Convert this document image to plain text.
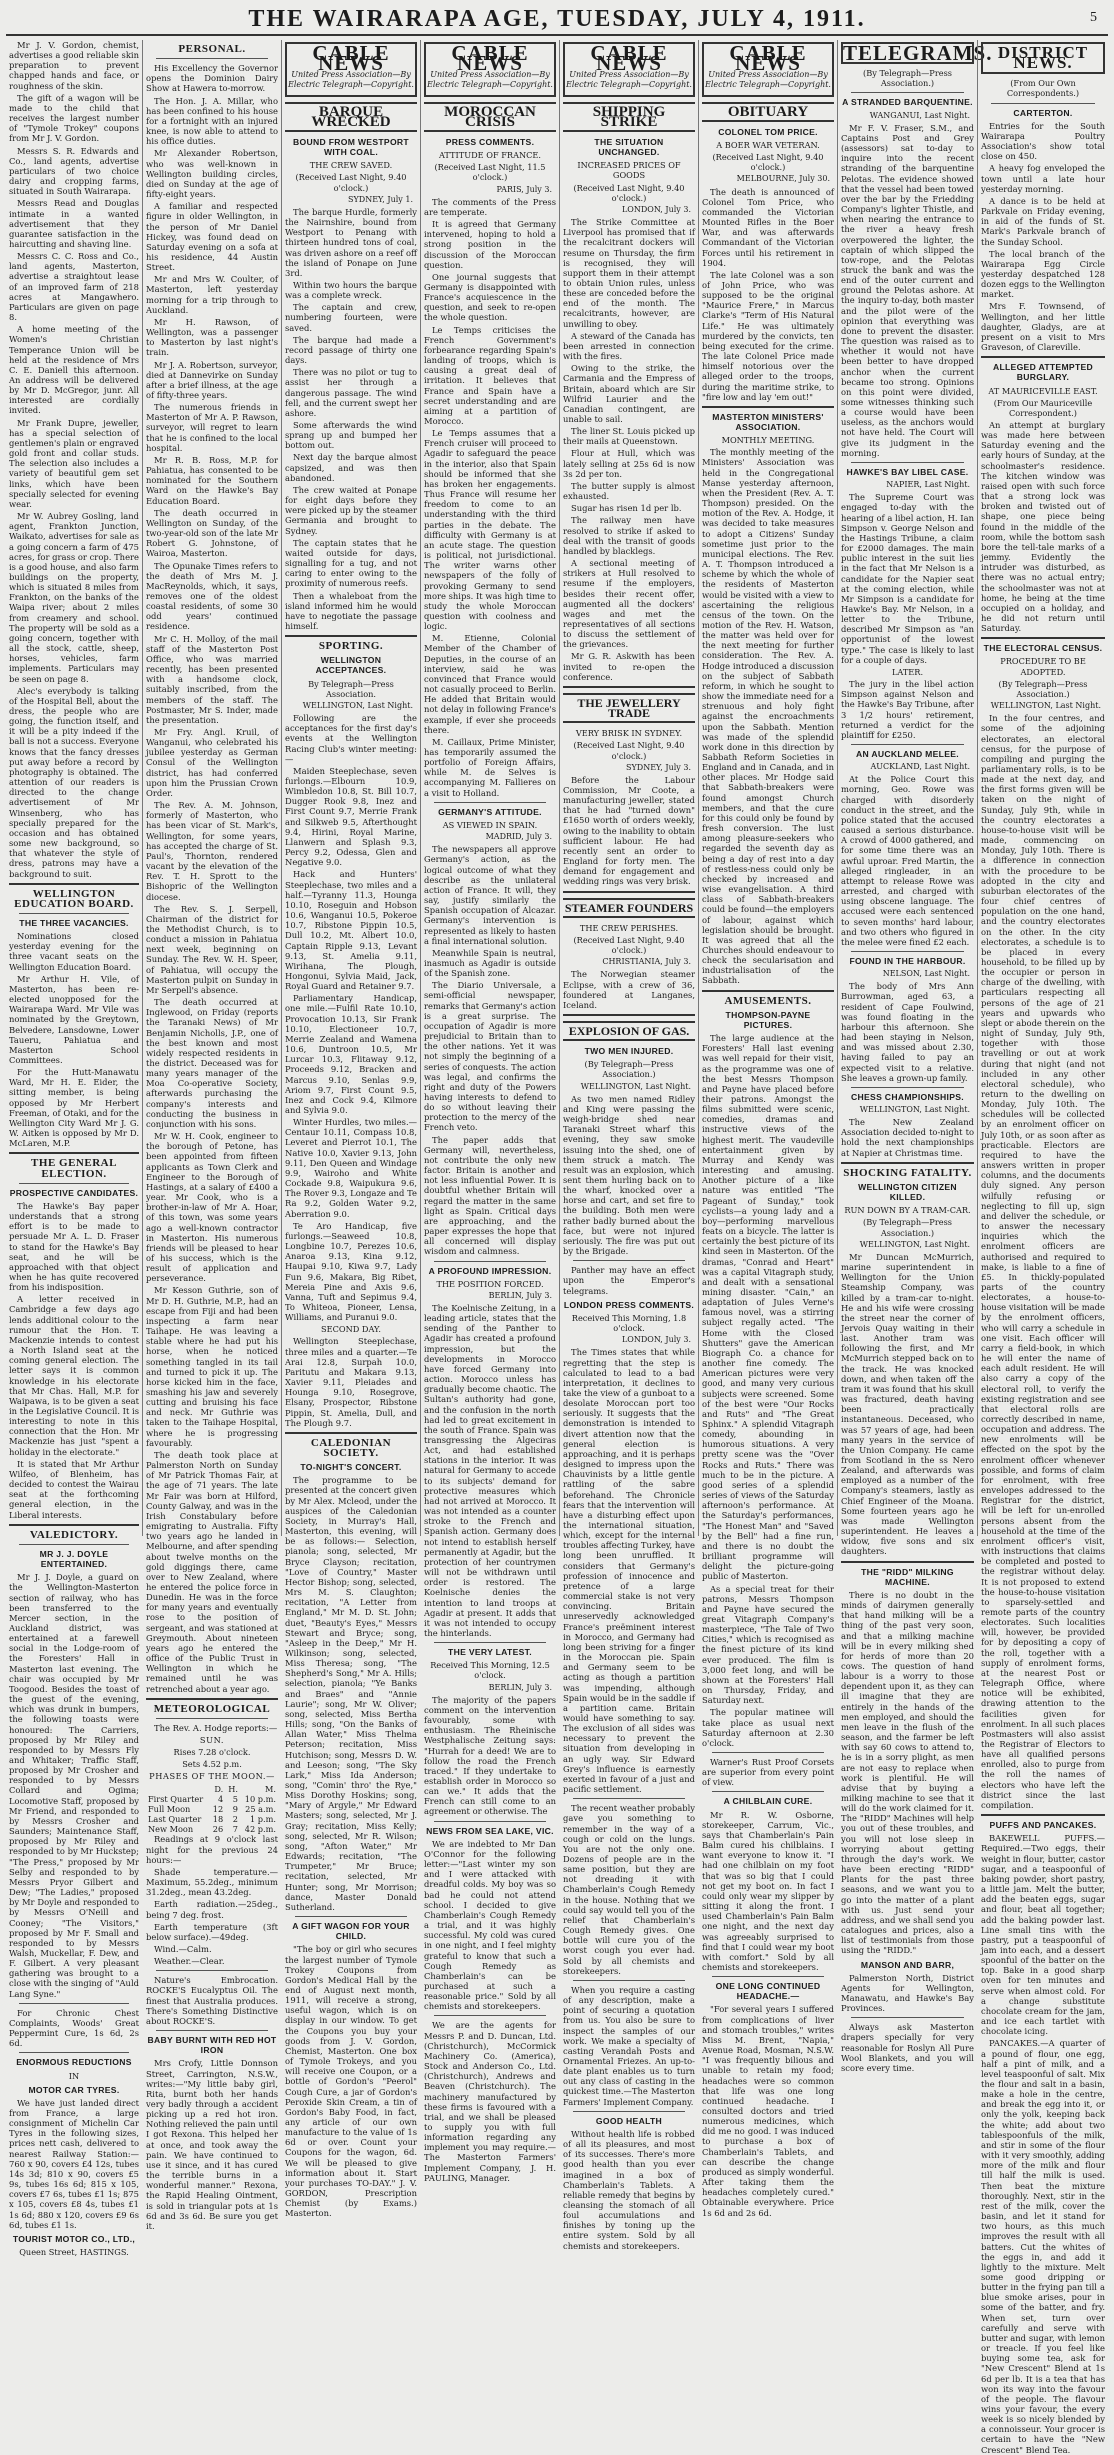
THE WAIRARAPA AGE, TUESDAY, JULY 4, 1911.	5

Mr J. V. Gordon, chemist, advertises a good reliable skin preparation to prevent chapped hands and face, or roughness of the skin.

The gift of a wagon will be made to the child that receives the largest number of "Tymole Trokey" coupons from Mr J. V. Gordon.

Messrs S. R. Edwards and Co., land agents, advertise particulars of two choice dairy and cropping farms, situated in South Wairarapa.

Messrs Read and Douglas intimate in a wanted advertisement that they guarantee satisfaction in the haircutting and shaving line.

Messrs C. C. Ross and Co., land agents, Masterton, advertise a straightout lease of an improved farm of 218 acres at Mangawhero. Particulars are given on page 8.

A home meeting of the Women's Christian Temperance Union will be held at the residence of Mrs C. E. Daniell this afternoon. An address will be delivered by Mr D. McGregor, junr. All interested are cordially invited.

Mr Frank Dupre, jeweller, has a special selection of gentlemen's plain or engraved gold front and collar studs. The selection also includes a variety of beautiful gem set links, which have been specially selected for evening wear.

Mr W. Aubrey Gosling, land agent, Frankton Junction, Waikato, advertises for sale as a going concern a farm of 475 acres, for grass or crop. There is a good house, and also farm buildings on the property, which is situated 8 miles from Frankton, on the banks of the Waipa river; about 2 miles from creamery and school. The property will be sold as a going concern, together with all the stock, cattle, sheep, horses, vehicles, farm implements. Particulars may be seen on page 8.

Alec's everybody is talking of the Hospital Bell, about the dress, the people who are going, the function itself, and it will be a pity indeed if the ball is not a success. Everyone knows that the fancy dresses put away before a record by photography is obtained. The attention of our readers is directed to the change advertisement of Mr Winsenberg, who has specially prepared for the occasion and has obtained some new background, so that whatever the style of dress, patrons may have a background to suit.

WELLINGTON EDUCATION BOARD.
THE THREE VACANCIES.

Nominations closed yesterday evening for the three vacant seats on the Wellington Education Board.

Mr Arthur H. Vile, of Masterton, has been re-elected unopposed for the Wairarapa Ward. Mr Vile was nominated by the Greytown, Belvedere, Lansdowne, Lower Taueru, Pahiatua and Masterton School Committees.

For the Hutt-Manawatu Ward, Mr H. E. Eider, the sitting member, is being opposed by Mr Herbert Freeman, of Otaki, and for the Wellington City Ward Mr J. G. W. Aitken is opposed by Mr D. McLaren, M.P.

THE GENERAL ELECTION.
PROSPECTIVE CANDIDATES.

The Hawke's Bay paper understands that a strong effort is to be made to persuade Mr A. L. D. Fraser to stand for the Hawke's Bay seat, and he will be approached with that object when he has quite recovered from his indisposition.

A letter received in Cambridge a few days ago lends additional colour to the rumour that the Hon. T. Mackenzie intends to contest a North Island seat at the coming general election. The letter says it is common knowledge in his electorate that Mr Chas. Hall, M.P. for Waipawa, is to be given a seat in the Legislative Council. It is interesting to note in this connection that the Hon. Mr Mackenzie has just "spent a holiday in the electorate."

It is stated that Mr Arthur Wilfeo, of Blenheim, has decided to contest the Wairau seat at the forthcoming general election, in the Liberal interests.

VALEDICTORY.
MR J. J. DOYLE ENTERTAINED.

Mr J. J. Doyle, a guard on the Wellington-Masterton section of railway, who has been transferred to the Mercer section, in the Auckland district, was entertained at a farewell social in the Lodge-room of the Foresters' Hall in Masterton last evening. The chair was occupied by Mr Toogood. Besides the toast of the guest of the evening, which was drunk in bumpers, the following toasts were honoured: The Carriers, proposed by Mr Riley and responded to by Messrs Fly and Whitaker; Traffic Staff, proposed by Mr Crosher and responded to by Messrs Collard and Ogima; Locomotive Staff, proposed by Mr Friend, and responded to by Messrs Crosher and Saunders; Maintenance Staff, proposed by Mr Riley and responded to by Mr Huckstep; "The Press," proposed by Mr Selby and responded to by Messrs Pryor Gilbert and Dew; "The Ladies," proposed by Mr Doyle and responded to by Messrs O'Neill and Cooney; "The Visitors," proposed by Mr F. Small and responded to by Messrs Walsh, Muckellar, F. Dew, and F. Gilbert. A very pleasant gathering was brought to a close with the singing of "Auld Lang Syne."

For Chronic Chest Complaints, Woods' Great Peppermint Cure, 1s 6d, 2s 6d.

ENORMOUS REDUCTIONS
IN
MOTOR CAR TYRES.

We have just landed direct from France, a large consignment of Michelin Car Tyres in the following sizes, prices nett cash, delivered to nearest Railway Station:— 760 x 90, covers £4 12s, tubes 14s 3d; 810 x 90, covers £5 9s, tubes 16s 6d; 815 x 105, covers £7 6s, tubes £1 1s; 875 x 105, covers £8 4s, tubes £1 1s 6d; 880 x 120, covers £9 6s 6d, tubes £1 1s.

TOURIST MOTOR CO., LTD.,
Queen Street, HASTINGS.
PERSONAL.

His Excellency the Governor opens the Dominion Dairy Show at Hawera to-morrow.

The Hon. J. A. Millar, who has been confined to his house for a fortnight with an injured knee, is now able to attend to his office duties.

Mr Alexander Robertson, who was well-known in Wellington building circles, died on Sunday at the age of fifty-eight years.

A familiar and respected figure in older Wellington, in the person of Mr Daniel Hickey, was found dead on Saturday evening on a sofa at his residence, 44 Austin Street.

Mr and Mrs W. Coulter, of Masterton, left yesterday morning for a trip through to Auckland.

Mr H. Rawson, of Wellington, was a passenger to Masterton by last night's train.

Mr J. A. Robertson, surveyor, died at Dannevirke on Sunday after a brief illness, at the age of fifty-three years.

The numerous friends in Masterton of Mr A. P. Rawson, surveyor, will regret to learn that he is confined to the local hospital.

Mr R. B. Ross, M.P. for Pahiatua, has consented to be nominated for the Southern Ward on the Hawke's Bay Education Board.

The death occurred in Wellington on Sunday, of the two-year-old son of the late Mr Robert G. Johnstone, of Wairoa, Masterton.

The Opunake Times refers to the death of Mrs M. J. MacReynolds, which, it says, removes one of the oldest coastal residents, of some 30 odd years' continued residence.

Mr C. H. Molloy, of the mail staff of the Masterton Post Office, who was married recently, has been presented with a handsome clock, suitably inscribed, from the members of the staff. The Postmaster, Mr S. Inder, made the presentation.

Mr Fry. Angl. Kruil, of Wanganui, who celebrated his jubilee yesterday as German Consul of the Wellington district, has had conferred upon him the Prussian Crown Order.

The Rev. A. M. Johnson, formerly of Masterton, who has been vicar of St. Mark's, Wellington, for some years, has accepted the charge of St. Paul's, Thornton, rendered vacant by the elevation of the Rev. T. H. Sprott to the Bishopric of the Wellington diocese.

The Rev. S. J. Serpell, Chairman of the district for the Methodist Church, is to conduct a mission in Pahiatua next week, beginning on Sunday. The Rev. W. H. Speer, of Pahiatua, will occupy the Masterton pulpit on Sunday in Mr Serpell's absence.

The death occurred at Inglewood, on Friday (reports the Taranaki News) of Mr Benjamin Nicholls, J.P., one of the best known and most widely respected residents in the district. Deceased was for many years manager of the Moa Co-operative Society, afterwards purchasing the company's interests and conducting the business in conjunction with his sons.

Mr W. H. Cook, engineer to the borough of Petone, has been appointed from fifteen applicants as Town Clerk and Engineer to the Borough of Hastings, at a salary of £400 a year. Mr Cook, who is a brother-in-law of Mr A. Hoar, of this town, was some years ago a well-known contractor in Masterton. His numerous friends will be pleased to hear of his success, which is the result of application and perseverance.

Mr Kesson Guthrie, son of Mr D. H. Guthrie, M.P., had an escape from Fiji and had been inspecting a farm near Taihape. He was leaving a stable where he had put his horse, when he noticed something tangled in its tail and turned to pick it up. The horse kicked him in the face, smashing his jaw and severely cutting and bruising his face and neck. Mr Guthrie was taken to the Taihape Hospital, where he is progressing favourably.

The death took place at Palmerston North on Sunday of Mr Patrick Thomas Fair, at the age of 71 years. The late Mr Fair was born at Hilford, County Galway, and was in the Irish Constabulary before emigrating to Australia. Fifty two years ago he landed in Melbourne, and after spending about twelve months on the gold diggings there, came over to New Zealand, where he entered the police force in Dunedin. He was in the force for many years and eventually rose to the position of sergeant, and was stationed at Greymouth. About nineteen years ago he entered the office of the Public Trust in Wellington in which he remained until he was retrenched about a year ago.

METEOROLOGICAL

The Rev. A. Hodge reports:—

SUN.
Rises 7.28 o'clock.
Sets 4.52 p.m.
PHASES OF THE MOON.—
	D.	H.	M.
First Quarter	4	5	10 p.m.
Full Moon	12	9	25 a.m.
Last Quarter	18	2	1 p.m.
New Moon	26	7	42 p.m.

Readings at 9 o'clock last night for the previous 24 hours:—

Shade temperature.—Maximum, 55.2deg., minimum 31.2deg., mean 43.2deg.

Earth radiation.—25deg., being 7 deg. frost.

Earth temperature (3ft below surface).—49deg.

Wind.—Calm.

Weather.—Clear.

Nature's Embrocation. ROCKE'S Eucalyptus Oil. The finest that Australia produces. There's Something Distinctive about ROCKE'S.

BABY BURNT WITH RED HOT IRON

Mrs Crofy, Little Donnson Street, Carrington, N.S.W., writes:—"My little baby girl, Rita, burnt both her hands very badly through a accident picking up a red hot iron. Nothing relieved the pain until I got Rexona. This helped her at once, and took away the pain. We have continued to use it since, and it has cured the terrible burns in a wonderful manner." Rexona, the Rapid Healing Ointment, is sold in triangular pots at 1s 6d and 3s 6d. Be sure you get it.

CABLE NEWS
United Press Association—By Electric Telegraph—Copyright.
BARQUE WRECKED
BOUND FROM WESTPORT WITH COAL.
THE CREW SAVED.
(Received Last Night, 9.40 o'clock.)
SYDNEY, July 1.

The barque Hurdle, formerly the Nairnshire, bound from Westport to Penang with thirteen hundred tons of coal, was driven ashore on a reef off the island of Ponape on June 3rd.

Within two hours the barque was a complete wreck.

The captain and crew, numbering fourteen, were saved.

The barque had made a record passage of thirty one days.

There was no pilot or tug to assist her through a dangerous passage. The wind fell, and the current swept her ashore.

Some afterwards the wind sprang up and bumped her bottom out.

Next day the barque almost capsized, and was then abandoned.

The crew waited at Ponape for eight days before they were picked up by the steamer Germania and brought to Sydney.

The captain states that he waited outside for days, signalling for a tug, and not caring to enter owing to the proximity of numerous reefs.

Then a whaleboat from the island informed him he would have to negotiate the passage himself.

SPORTING.
WELLINGTON ACCEPTANCES.
By Telegraph—Press Association.
WELLINGTON, Last Night.

Following are the acceptances for the first day's events at the Wellington Racing Club's winter meeting:—

Maiden Steeplechase, seven furlongs.—Elbourn 10.9, Wimbledon 10.8, St. Bill 10.7, Dugger Rook 9.8, Inez and First Count 9.7, Merrie Frank and Silkweb 9.5, Afterthought 9.4, Hirini, Royal Marine, Llanwern and Splash 9.3, Percy 9.2, Odessa, Glen and Negative 9.0.

Hack and Hunters' Steeplechase, two miles and a half.—Tyranny 11.3, Hounga 10.10, Roseguin and Hobson 10.6, Wanganui 10.5, Pokeroe 10.7, Ribstone Pippin 10.5, Dull 10.2, Mt. Albert 10.0, Captain Ripple 9.13, Levant 9.13, St. Amelia 9.11, Wirihana, The Plough, Hongonui, Sylvia Maid, Jack, Royal Guard and Retainer 9.7.

Parliamentary Handicap, one mile.—Fulfil Rate 10.10, Provocation 10.13, Sir Frank 10.10, Electioneer 10.7, Merrie Zealand and Wamena 10.6, Duntroon 10.5, Mr Lurcar 10.3, Flitaway 9.12, Proceeds 9.12, Bracken and Marcus 9.10, Senlas 9.9, Ariom 9.7, First Count 9.5, Inez and Cock 9.4, Kilmore and Sylvia 9.0.

Winter Hurdles, two miles.—Centaur 10.11, Compass 10.8, Leveret and Pierrot 10.1, The Native 10.0, Xavier 9.13, John 9.11, Den Queen and Windage 9.9, Wairoho and White Cockade 9.8, Waipukura 9.6, The Rover 9.3, Longaze and Te Ra 9.2, Golden Water 9.2, Aberration 9.0.

Te Aro Handicap, five furlongs.—Seaweed 10.8, Longbine 10.7, Perezes 10.6, Anaroa 9.13, Kina 9.12, Haupai 9.10, Kiwa 9.7, Lady Fun 9.6, Makara, Big Ribet, Mereia Pine and Axis 9.6, Vanna, Tuft and Sepimus 9.4, To Whiteoa, Pioneer, Lensa, Williams, and Puranui 9.0.

SECOND DAY.

Wellington Steeplechase, three miles and a quarter.—Te Arai 12.8, Surpah 10.0, Paritutu and Makara 9.13, Xavier 9.11, Pleiades and Hounga 9.10, Rosegrove, Elsany, Prospector, Ribstone Pippin, St. Amelia, Dull, and The Plough 9.7.

CALEDONIAN SOCIETY.
TO-NIGHT'S CONCERT.

The programme to be presented at the concert given by Mr Alex. Mcleod, under the auspices of the Caledonian Society, in Murray's Hall, Masterton, this evening, will be as follows:— Selection, pianola; song, selected, Mr Bryce Clayson; recitation, "Love of Country," Master Hector Bishop; song, selected, Mrs M. S. Claughton; recitation, "A Letter from England," Mr M. D. St. John; duet, "Beauty's Eyes," Messrs Stewart and Bryce; song, "Asleep in the Deep," Mr H. Wilkinson; song, selected, Miss Theresa; song, "The Shepherd's Song," Mr A. Hills; selection, pianola; "Ye Banks and Braes" and "Annie Laurie"; song, Mr W. Oliver; song, selected, Miss Bertha Hills; song, "On the Banks of Allan Water," Miss Thelma Peterson; recitation, Miss Hutchison; song, Messrs D. W. and Leeson; song, "The Sky Lark," Miss Ida Anderson; song, "Comin' thro' the Rye," Miss Dorothy Hoskins; song, "Mary of Argyle," Mr Edward Masters; song, selected, Mr J. Gray; recitation, Miss Kelly; song, selected, Mr R. Wilson; song, "Afton Water," Mr Edwards; recitation, "The Trumpeter," Mr Bruce; recitation, selected, Mr Hunter; song, Mr Morrison; dance, Master Donald Sutherland.

A GIFT WAGON FOR YOUR CHILD.

"The boy or girl who secures the largest number of Tymole Trokey Coupons from Gordon's Medical Hall by the end of August next month, 1911, will receive a strong, useful wagon, which is on display in our window. To get the Coupons you buy your goods from J. V. Gordon, Chemist, Masterton. One box of Tymole Trokeys, and you will receive one Coupon, or a bottle of Gordon's "Peerol" Cough Cure, a jar of Gordon's Peroxide Skin Cream, a tin of Gordon's Baby Food, in fact, any article of our own manufacture to the value of 1s 6d or over. Count your Coupons for the wagon, 6d. We will be pleased to give information about it. Start your purchases TO-DAY." J. V. GORDON, Prescription Chemist (by Exams.) Masterton.

CABLE NEWS
United Press Association—By Electric Telegraph—Copyright.
MOROCCAN CRISIS
PRESS COMMENTS.
ATTITUDE OF FRANCE.
(Received Last Night, 11.5 o'clock.)
PARIS, July 3.

The comments of the Press are temperate.

It is agreed that Germany intervened, hoping to hold a strong position in the discussion of the Moroccan question.

One journal suggests that Germany is disappointed with France's acquiescence in the question, and seek to re-open the whole question.

Le Temps criticises the French Government's forbearance regarding Spain's landing of troops, which is causing a great deal of irritation. It believes that France and Spain have a secret understanding and are aiming at a partition of Morocco.

Le Temps assumes that a French cruiser will proceed to Agadir to safeguard the peace in the interior, also that Spain should be informed that she has broken her engagements. Thus France will resume her freedom to come to an understanding with the third parties in the debate. The difficulty with Germany is at an acute stage. The question is political, not jurisdictional. The writer warns other newspapers of the folly of provoking Germany to send more ships. It was high time to study the whole Moroccan question with coolness and logic.

M. Etienne, Colonial Member of the Chamber of Deputies, in the course of an interview, said he was convinced that France would not casually proceed to Berlin. He added that Britain would not delay in following France's example, if ever she proceeds there.

M. Caillaux, Prime Minister, has temporarily assumed the portfolio of Foreign Affairs, while M. de Selves is accompanying M. Fallieres on a visit to Holland.

GERMANY'S ATTITUDE.
AS VIEWED IN SPAIN.
MADRID, July 3.

The newspapers all approve Germany's action, as the logical outcome of what they describe as the unilateral action of France. It will, they say, justify similarly the Spanish occupation of Alcazar. Germany's intervention is represented as likely to hasten a final international solution.

Meanwhile Spain is neutral, inasmuch as Agadir is outside of the Spanish zone.

The Diario Universale, a semi-official newspaper, remarks that Germany's action is a great surprise. The occupation of Agadir is more prejudicial to Britain than to the other nations. Yet it was not simply the beginning of a series of conquests. The action was legal, and confirms the right and duty of the Powers having interests to defend to do so without leaving their protection to the mercy of the French veto.

The paper adds that Germany will, nevertheless, not contribute the only new factor. Britain is another and not less influential Power. It is doubtful whether Britain will regard the matter in the same light as Spain. Critical days are approaching, and the paper expresses the hope that all concerned will display wisdom and calmness.

A PROFOUND IMPRESSION.
THE POSITION FORCED.
BERLIN, July 3.

The Koelnische Zeitung, in a leading article, states that the sending of the Panther to Agadir has created a profound impression, but the developments in Morocco have forced Germany into action. Morocco unless has gradually become chaotic. The Sultan's authority had gone, and the confusion in the north had led to great excitement in the south of France. Spain was transgressing the Algeciras Act, and had established stations in the interior. It was natural for Germany to accede to its subjects' demand for protective measures which had not arrived at Morocco. It was not intended as a counter stroke to the French and Spanish action. Germany does not intend to establish herself permanently at Agadir, but the protection of her countrymen will not be withdrawn until order is restored. The Koelnische denies the intention to land troops at Agadir at present. It adds that it was not intended to occupy the hinterlands.

THE VERY LATEST.
Received This Morning, 12.5 o'clock.
BERLIN, July 3.

The majority of the papers comment on the intervention favourably, some with enthusiasm. The Rheinische Westphalische Zeitung says: "Hurrah for a deed! We are to follow the road the French traced." If they undertake to establish order in Morocco so can we." It adds that the French can still come to an agreement or otherwise. The

NEWS FROM SEA LAKE, VIC.

We are indebted to Mr Dan O'Connor for the following letter:—"Last winter my son and I were attacked with dreadful colds. My boy was so bad he could not attend school. I decided to give Chamberlain's Cough Remedy a trial, and it was highly successful. My cold was cured in one night, and I feel mighty grateful to know that such a Cough Remedy as Chamberlain's can be purchased at such a reasonable price." Sold by all chemists and storekeepers.

We are the agents for Messrs P. and D. Duncan, Ltd. (Christchurch), McCormick Machinery Co. (America), Stock and Anderson Co., Ltd. (Christchurch), Andrews and Beaven (Christchurch). The machinery manufactured by these firms is favoured with a trial, and we shall be pleased to supply you with full information regarding any implement you may require.—The Masterton Farmers' Implement Company, J. H. PAULING, Manager.

CABLE NEWS
United Press Association—By Electric Telegraph—Copyright.
SHIPPING STRIKE
THE SITUATION UNCHANGED.
INCREASED PRICES OF GOODS
(Received Last Night, 9.40 o'clock.)
LONDON, July 3.

The Strike Committee at Liverpool has promised that if the recalcitrant dockers will resume on Thursday, the firm is recognised, they will support them in their attempt to obtain Union rules, unless these are conceded before the end of the month. The recalcitrants, however, are unwilling to obey.

A steward of the Canada has been arrested in connection with the fires.

Owing to the strike, the Carmania and the Empress of Britain, aboard which are Sir Wilfrid Laurier and the Canadian contingent, are unable to sail.

The liner St. Louis picked up their mails at Queenstown.

Flour at Hull, which was lately selling at 25s 6d is now 3s 2d per ton.

The butter supply is almost exhausted.

Sugar has risen 1d per lb.

The railway men have resolved to strike if asked to deal with the transit of goods handled by blacklegs.

A sectional meeting of strikers at Hull resolved to resume if the employers, besides their recent offer, augmented all the dockers' wages and met the representatives of all sections to discuss the settlement of the grievances.

Mr G. R. Askwith has been invited to re-open the conference.

THE JEWELLERY TRADE
VERY BRISK IN SYDNEY.
(Received Last Night, 9.40 o'clock.)
SYDNEY, July 3.

Before the Labour Commission, Mr Coote, a manufacturing jeweller, stated that he had "turned down" £1650 worth of orders weekly, owing to the inability to obtain sufficient labour. He had recently sent an order to England for forty men. The demand for engagement and wedding rings was very brisk.

STEAMER FOUNDERS
THE CREW PERISHES.
(Received Last Night, 9.40 o'clock.)
CHRISTIANIA, July 3.

The Norwegian steamer Eclipse, with a crew of 36, foundered at Langanes, Iceland.

EXPLOSION OF GAS.
TWO MEN INJURED.
(By Telegraph—Press Association.)
WELLINGTON, Last Night.

As two men named Ridley and King were passing the weigh-bridge shed near Taranaki Street wharf this evening, they saw smoke issuing into the shed, one of them struck a match. The result was an explosion, which sent them hurling back on to the wharf, knocked over a horse and cart, and set fire to the building. Both men were rather badly burned about the face, but were not injured seriously. The fire was put out by the Brigade.

Panther may have an effect upon the Emperor's telegrams.

LONDON PRESS COMMENTS.
Received This Morning, 1.8 o'clock.
LONDON, July 3.

The Times states that while regretting that the step is calculated to lead to a bad interpretation, it declines to take the view of a gunboat to a desolate Moroccan port too seriously. It suggests that the demonstration is intended to divert attention now that the general election is approaching, and it is perhaps designed to impress upon the Chauvinists by a little gentle rattling of the sabre beforehand. The Chronicle fears that the intervention will have a disturbing effect upon the international situation, which, except for the internal troubles affecting Turkey, have long been unruffled. It considers that Germany's profession of innocence and pretence of a large commercial stake is not very convincing. Britain unreservedly acknowledged France's preëminent interest in Morocco, and Germany had long been striving for a finger in the Moroccan pie. Spain and Germany seem to be acting as though a partition was impending, although Spain would be in the saddle if a partition came. Britain would have something to say. The exclusion of all sides was necessary to prevent the situation from developing in an ugly way. Sir Edward Grey's influence is earnestly exerted in favour of a just and pacific settlement.

The recent weather probably gave you something to remember in the way of a cough or cold on the lungs. You are not the only one. Dozens of people are in the same position, but they are not dreading it with Chamberlain's Cough Remedy in the house. Nothing that we could say would tell you of the relief that Chamberlain's Cough Remedy gives. One bottle will cure you of the worst cough you ever had. Sold by all chemists and storekeepers.

When you require a casting of any description, make a point of securing a quotation from us. You also be sure to inspect the samples of our work. We make a specialty of casting Verandah Posts and Ornamental Friezes. An up-to-date plant enables us to turn out any class of casting in the quickest time.—The Masterton Farmers' Implement Company.

GOOD HEALTH

Without health life is robbed of all its pleasures, and most of its successes. There's more good health than you ever imagined in a box of Chamberlain's Tablets. A reliable remedy that begins by cleansing the stomach of all foul accumulations and finishes by toning up the entire system. Sold by all chemists and storekeepers.

CABLE NEWS
United Press Association—By Electric Telegraph—Copyright.
OBITUARY
COLONEL TOM PRICE.
A BOER WAR VETERAN.
(Received Last Night, 9.40 o'clock.)
MELBOURNE, July 30.

The death is announced of Colonel Tom Price, who commanded the Victorian Mounted Rifles in the Boer War, and was afterwards Commandant of the Victorian Forces until his retirement in 1904.

The late Colonel was a son of John Price, who was supposed to be the original "Maurice Frere," in Marcus Clarke's "Term of His Natural Life." He was ultimately murdered by the convicts, ten being executed for the crime. The late Colonel Price made himself notorious over the alleged order to the troops, during the maritime strike, to "fire low and lay 'em out!"

MASTERTON MINISTERS' ASSOCIATION.
MONTHLY MEETING.

The monthly meeting of the Ministers' Association was held in the Congregational Manse yesterday afternoon, when the President (Rev. A. T. Thompson) presided. On the motion of the Rev. A. Hodge, it was decided to take measures to adopt a Citizens' Sunday sometime just prior to the municipal elections. The Rev. A. T. Thompson introduced a scheme by which the whole of the residents of Masterton would be visited with a view to ascertaining the religious census of the town. On the motion of the Rev. H. Watson, the matter was held over for the next meeting for further consideration. The Rev. A. Hodge introduced a discussion on the subject of Sabbath reform, in which he sought to show the immediate need for a strenuous and holy fight against the encroachments upon the Sabbath. Mention was made of the splendid work done in this direction by Sabbath Reform Societies in England and in Canada, and in other places. Mr Hodge said that Sabbath-breakers were found amongst Church members, and that the cure for this could only be found by fresh conversion. The lust among pleasure-seekers who regarded the seventh day as being a day of rest into a day of restless-ness could only be checked by increased and wise evangelisation. A third class of Sabbath-breakers could be found—the employers of labour, against which legislation should be brought. It was agreed that all the Churches should endeavour to check the secularisation and industrialisation of the Sabbath.

AMUSEMENTS.
THOMPSON-PAYNE PICTURES.

The large audience at the Foresters' Hall last evening was well repaid for their visit, as the programme was one of the best Messrs Thompson and Payne have placed before their patrons. Amongst the films submitted were scenic, comedies, dramas and instructive views of the highest merit. The vaudeville entertainment given by Murray and Kendy was interesting and amusing. Another picture of a like nature was entitled "The Pageant of Sunday," took cyclists—a young lady and a boy—performing marvellous feats on a bicycle. The latter is certainly the best picture of its kind seen in Masterton. Of the dramas, "Conrad and Heart" was a capital Vitagraph study, and dealt with a sensational mining disaster. "Cain," an adaptation of Jules Verne's famous novel, was a stirring subject regally acted. "The Home with the Closed Shutters" gave the American Biograph Co. a chance for another fine comedy. The American pictures were very good, and many very curious subjects were screened. Some of the best were "Our Rocks and Ruts" and "The Great Sphinx." A splendid Vitagraph comedy, abounding in humorous situations. A very pretty scene was the "Over Rocks and Ruts." There was much to be in the picture. A good series of a splendid series of views of the Saturday afternoon's performance. At the Saturday's performances, "The Honest Man" and "Saved by the Bell" had a fine run, and there is no doubt the brilliant programme will delight the picture-going public of Masterton.

As a special treat for their patrons, Messrs Thompson and Payne have secured the great Vitagraph Company's masterpiece, "The Tale of Two Cities," which is recognised as the finest picture of its kind ever produced. The film is 3,000 feet long, and will be shown at the Foresters' Hall on Thursday, Friday, and Saturday next.

The popular matinee will take place as usual next Saturday afternoon at 2.30 o'clock.

Warner's Rust Proof Corsets are superior from every point of view.

A CHILBLAIN CURE.

Mr R. W. Osborne, storekeeper, Carrum, Vic., says that Chamberlain's Pain Balm cured his chilblains. I want everyone to know it. "I had one chilblain on my foot that was so big that I could not get my boot on. In fact I could only wear my slipper by sitting it along the front. I used Chamberlain's Pain Balm one night, and the next day was agreeably surprised to find that I could wear my boot with comfort." Sold by all chemists and storekeepers.

ONE LONG CONTINUED HEADACHE.—

"For several years I suffered from complications of liver and stomach troubles," writes Miss M. Brent, "Napia," Avenue Road, Mosman, N.S.W. "I was frequently bilious and unable to retain my food; headaches were so common that life was one long continued headache. I consulted doctors and tried numerous medicines, which did me no good. I was induced to purchase a box of Chamberlain's Tablets, and can describe the change produced as simply wonderful. After taking them the headaches completely cured." Obtainable everywhere. Price 1s 6d and 2s 6d.

TELEGRAMS.
(By Telegraph—Press Association.)
A STRANDED BARQUENTINE.
WANGANUI, Last Night.

Mr F. V. Fraser, S.M., and Captains Post and Grey (assessors) sat to-day to inquire into the recent stranding of the barquentine Pelotas. The evidence showed that the vessel had been towed over the bar by the Friedding Company's lighter Thistle, and when nearing the entrance to the river a heavy fresh overpowered the lighter, the captain of which slipped the tow-rope, and the Pelotas struck the bank and was the end of the outer current and ground the Pelotas ashore. At the inquiry to-day, both master and the pilot were of the opinion that everything was done to prevent the disaster. The question was raised as to whether it would not have been better to have dropped anchor when the current became too strong. Opinions on this point were divided, some witnesses thinking such a course would have been useless, as the anchors would not have held. The Court will give its judgment in the morning.

HAWKE'S BAY LIBEL CASE.
NAPIER, Last Night.

The Supreme Court was engaged to-day with the hearing of a libel action, H. Ian Simpson v. George Nelson and the Hastings Tribune, a claim for £2000 damages. The main public interest in the suit lies in the fact that Mr Nelson is a candidate for the Napier seat at the coming election, while Mr Simpson is a candidate for Hawke's Bay. Mr Nelson, in a letter to the Tribune, described Mr Simpson as "an opportunist of the lowest type." The case is likely to last for a couple of days.

LATER.

The jury in the libel action Simpson against Nelson and the Hawke's Bay Tribune, after 3 1/2 hours' retirement, returned a verdict for the plaintiff for £250.

AN AUCKLAND MELEE.
AUCKLAND, Last Night.

At the Police Court this morning, Geo. Rowe was charged with disorderly conduct in the street, and the police stated that the accused caused a serious disturbance. A crowd of 4000 gathered, and for some time there was an awful uproar. Fred Martin, the alleged ringleader, in an attempt to release Rowe was arrested, and charged with using obscene language. The accused were each sentenced to seven months' hard labour, and two others who figured in the melee were fined £2 each.

FOUND IN THE HARBOUR.
NELSON, Last Night.

The body of Mrs Ann Burrowman, aged 63, a resident of Cape Foulwind, was found floating in the harbour this afternoon. She had been staying in Nelson, and was missed about 2.30, having failed to pay an expected visit to a relative. She leaves a grown-up family.

CHESS CHAMPIONSHIPS.
WELLINGTON, Last Night.

The New Zealand Association decided to-night to hold the next championships at Napier at Christmas time.

SHOCKING FATALITY.
WELLINGTON CITIZEN KILLED.
RUN DOWN BY A TRAM-CAR.
(By Telegraph—Press Association.)
WELLINGTON, Last Night.

Mr Duncan McMurrich, marine superintendent in Wellington for the Union Steamship Company, was killed by a tram-car to-night. He and his wife were crossing the street near the corner of Jervois Quay waiting in their last. Another tram was following the first, and Mr McMurrich stepped back on to the track. He was knocked down, and when taken off the tram it was found that his skull was fractured, death having been practically instantaneous. Deceased, who was 57 years of age, had been many years in the service of the Union Company. He came from Scotland in the ss Nero Zealand, and afterwards was employed as a number of the Company's steamers, lastly as Chief Engineer of the Moana. Some fourteen years ago he was made Wellington superintendent. He leaves a widow, five sons and six daughters.

THE "RIDD" MILKING MACHINE.

There is no doubt in the minds of dairymen generally that hand milking will be a thing of the past very soon, and that a milking machine will be in every milking shed for herds of more than 20 cows. The question of hand labour is a worry to those dependent upon it, as they can ill imagine that they are entirely in the hands of the men employed, and should the men leave in the flush of the season, and the farmer be left with say 60 cows to attend to, he is in a sorry plight, as men are not easy to replace when work is plentiful. He will advise that by buying a milking machine to see that it will do the work claimed for it. The "RIDD" Machines will help you out of these troubles, and you will not lose sleep in worrying about getting through the day's work. We have been erecting "RIDD" Plants for the past three seasons, and we want you to go into the matter of a plant with us. Just send your address, and we shall send you catalogues and prices, also a list of testimonials from those using the "RIDD."

MANSON AND BARR,

Palmerston North, District Agents for Wellington, Manawatu, and Hawke's Bay Provinces.

Always ask Masterton drapers specially for very reasonable for Roslyn All Pure Wool Blankets, and you will score every time.

DISTRICT NEWS.
(From Our Own Correspondents.)
CARTERTON.

Entries for the South Wairarapa Poultry Association's show total close on 450.

A heavy fog enveloped the town until a late hour yesterday morning.

A dance is to be held at Parkvale on Friday evening, in aid of the funds of St. Mark's Parkvale branch of the Sunday School.

The local branch of the Wairarapa Egg Circle yesterday despatched 128 dozen eggs to the Wellington market.

Mrs F. Townsend, of Wellington, and her little daughter, Gladys, are at present on a visit to Mrs Graveson, of Clareville.

ALLEGED ATTEMPTED BURGLARY.
AT MAURICEVILLE EAST.
(From Our Mauriceville Correspondent.)

An attempt at burglary was made here between Saturday evening and the early hours of Sunday, at the schoolmaster's residence. The kitchen window was raised open with such force that a strong lock was broken and twisted out of shape, one piece being found in the middle of the room, while the bottom sash bore the tell-tale marks of a jemmy. Evidently the intruder was disturbed, as there was no actual entry; the schoolmaster was not at home, he being at the time occupied on a holiday, and he did not return until Saturday.

THE ELECTORAL CENSUS.
PROCEDURE TO BE ADOPTED.
(By Telegraph—Press Association.)
WELLINGTON, Last Night.

In the four centres, and some of the adjoining electorates, an electoral census, for the purpose of compiling and purging the parliamentary rolls, is to be made at the next day, and the first forms given will be taken on the night of Sunday, July 9th, while in the country electorates a house-to-house visit will be made, commencing on Monday, July 10th. There is a difference in connection with the procedure to be adopted in the city and suburban electorates of the four chief centres of population on the one hand, and the country electorates on the other. In the city electorates, a schedule is to be placed in every household, to be filled up by the occupier or person in charge of the dwelling, with particulars respecting all persons of the age of 21 years and upwards who slept or abode therein on the night of Sunday, July 9th, together with those travelling or out at work during that night (and not included in any other electoral schedule), who return to the dwelling on Monday, July 10th. The schedules will be collected by an enrolment officer on July 10th, or as soon after as practicable. Electors are required to have the answers written in proper columns, and the documents duly signed. Any person wilfully refusing or neglecting to fill up, sign and deliver the schedule, or to answer the necessary inquiries which the enrolment officers are authorised and required to make, is liable to a fine of £5. In thickly-populated parts of the country electorates, a house-to-house visitation will be made by the enrolment officers, who will carry a schedule in one visit. Each officer will carry a field-book, in which he will enter the name of each adult resident. He will also carry a copy of the electoral roll, to verify the existing registration and see that electoral rolls are correctly described in name, occupation and address. The new enrolments will be effected on the spot by the enrolment officer whenever possible, and forms of claim for enrolment, with free envelopes addressed to the Registrar for the district, will be left for un-enrolled persons absent from the household at the time of the enrolment officer's visit, with instructions that claims be completed and posted to the registrar without delay. It is not proposed to extend the house-to-house visitation to sparsely-settled and remote parts of the country electorates. Such localities will, however, be provided for by depositing a copy of the roll, together with a supply of enrolment forms, at the nearest Post or Telegraph Office, where notice will be exhibited, drawing attention to the facilities given for enrolment. In all such places Postmasters will also assist the Registrar of Electors to have all qualified persons enrolled, also to purge from the roll the names of electors who have left the district since the last compilation.

PUFFS AND PANCAKES.

BAKEWELL PUFFS.—Required.—Two eggs, their weight in flour, butter, castor sugar, and a teaspoonful of baking powder, short pastry, a little jam. Melt the butter, add the beaten eggs, sugar and flour, beat all together; add the baking powder last. Line small tins with the pastry, put a teaspoonful of jam into each, and a dessert spoonful of the batter on the top. Bake in a good sharp oven for ten minutes and serve when almost cold. For a change substitute chocolate cream for the jam, and ice each tartlet with chocolate icing.

PANCAKES.—A quarter of a pound of flour, one egg, half a pint of milk, and a level teaspoonful of salt. Mix the flour and salt in a basin, make a hole in the centre, and break the egg into it, or only the yolk, keeping back the white; add about two tablespoonfuls of the milk, and stir in some of the flour with it very smoothly, adding more of the milk and flour till half the milk is used. Then beat the mixture thoroughly. Next, stir in the rest of the milk, cover the basin, and let it stand for two hours, as this much improves the result with all batters. Cut the whites of the eggs in, and add it lightly to the mixture. Melt some good dripping or butter in the frying pan till a blue smoke arises, pour in some of the batter, and fry. When set, turn over carefully and serve with butter and sugar, with lemon or treacle. If you feel like buying some tea, ask for "New Crescent" Blend at 1s 6d per lb. It is a tea that has won its way into the favour of the people. The flavour wins your favour, the every week is so nicely blended by a connoisseur. Your grocer is certain to have the "New Crescent" Blend Tea.
